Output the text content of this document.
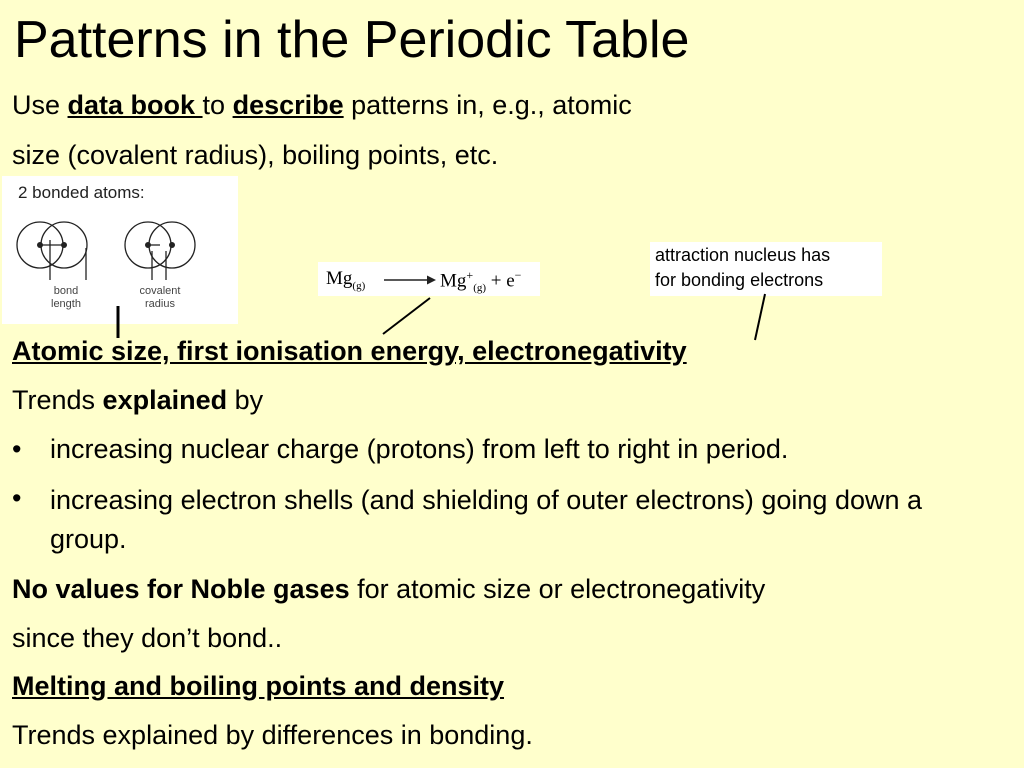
Patterns in the Periodic Table
Use data book to describe patterns in, e.g., atomic
size (covalent radius), boiling points, etc.
2 bonded atoms:
bond
length
covalent
radius
$Mg_{(g)} \to Mg^+_{(g)} + e^-$
attraction nucleus has
for bonding electrons
Atomic size, first ionisation energy, electronegativity
Trends explained by
• increasing nuclear charge (protons) from left to right in period.
• increasing electron shells (and shielding of outer electrons) going down a group.
No values for Noble gases for atomic size or electronegativity
since they don’t bond..
Melting and boiling points and density
Trends explained by differences in bonding.
